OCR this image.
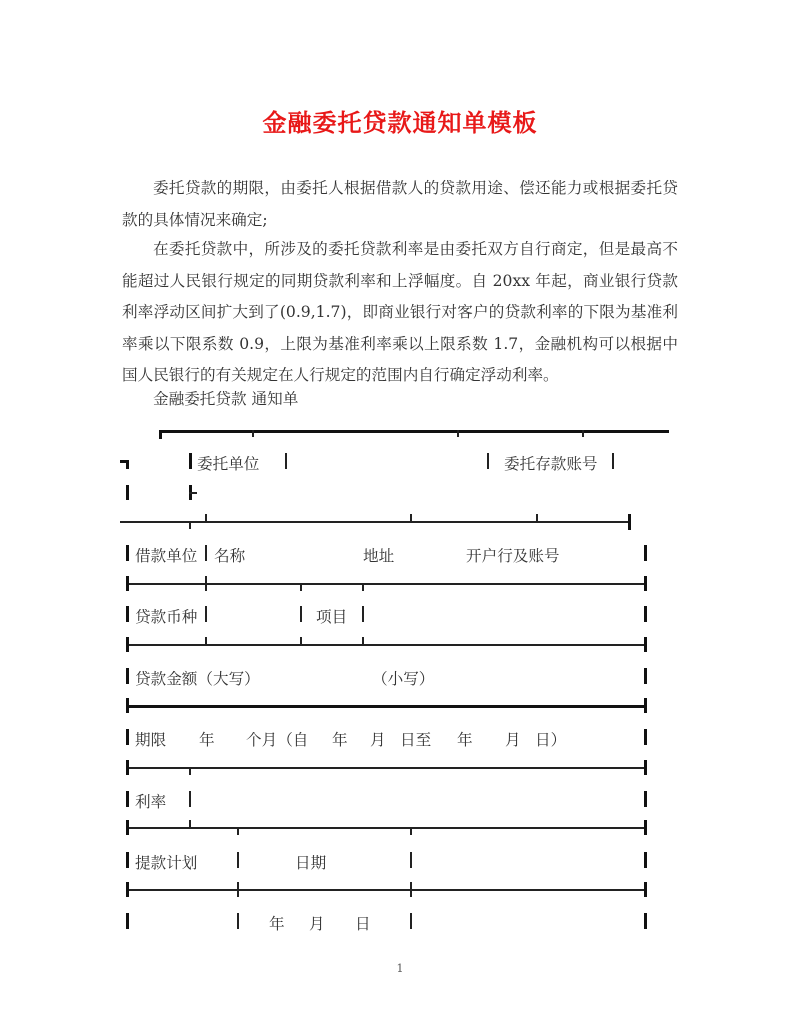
金融委托贷款通知单模板
委托贷款的期限，由委托人根据借款人的贷款用途、偿还能力或根据委托贷款的具体情况来确定;
在委托贷款中，所涉及的委托贷款利率是由委托双方自行商定，但是最高不能超过人民银行规定的同期贷款利率和上浮幅度。自 20xx 年起，商业银行贷款利率浮动区间扩大到了(0.9,1.7)，即商业银行对客户的贷款利率的下限为基准利率乘以下限系数 0.9，上限为基准利率乘以上限系数 1.7，金融机构可以根据中国人民银行的有关规定在人行规定的范围内自行确定浮动利率。
金融委托贷款 通知单
委托单位	委托存款账号
借款单位 名称	地址	开户行及账号
贷款币种	项目
贷款金额（大写）	（小写）
期限 年 个月（自 年 月 日至 年 月 日）
利率
提款计划	日期
年 月 日
1
